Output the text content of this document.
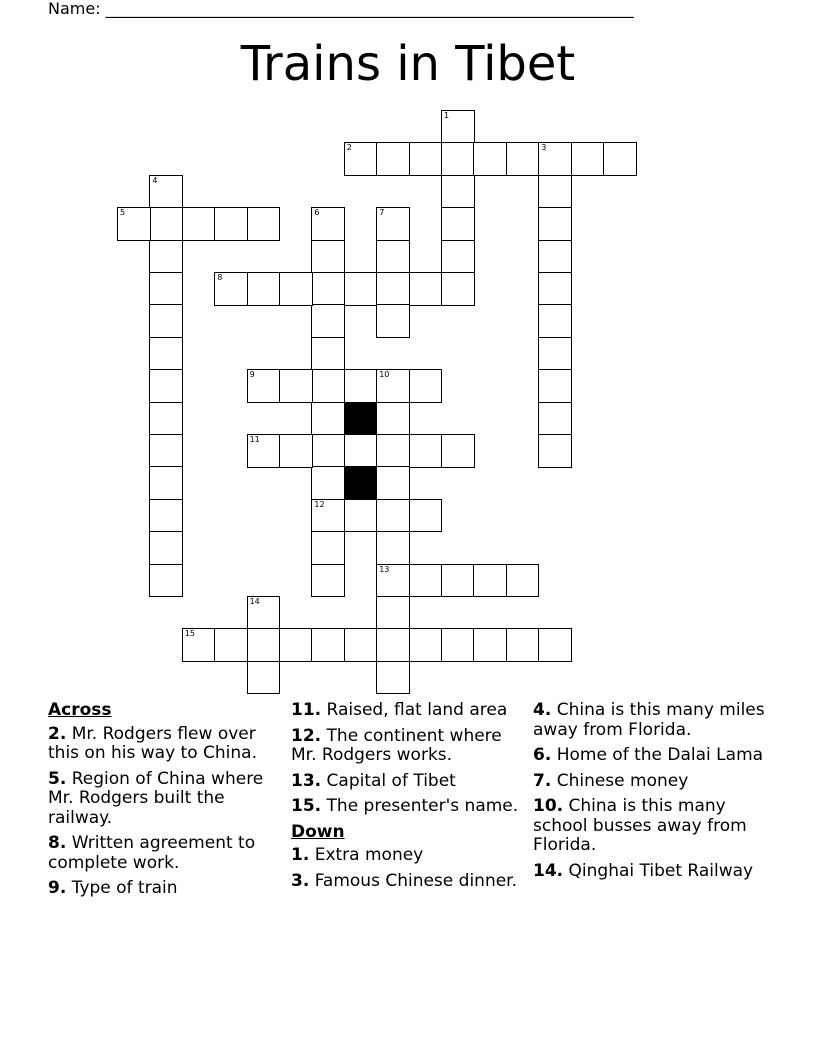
Name: __________________________________________________________________
Trains in Tibet
1
2	3
4
5	6	7
8
9	10
13
11
12
14
15
Across
2. Mr. Rodgers flew over this on his way to China.
5. Region of China where Mr. Rodgers built the railway.
8. Written agreement to complete work.
9. Type of train
11. Raised, flat land area
12. The continent where Mr. Rodgers works.
13. Capital of Tibet
15. The presenter's name.
Down
1. Extra money
3. Famous Chinese dinner.
4. China is this many miles away from Florida.
6. Home of the Dalai Lama
7. Chinese money
10. China is this many school busses away from Florida.
14. Qinghai Tibet Railway
